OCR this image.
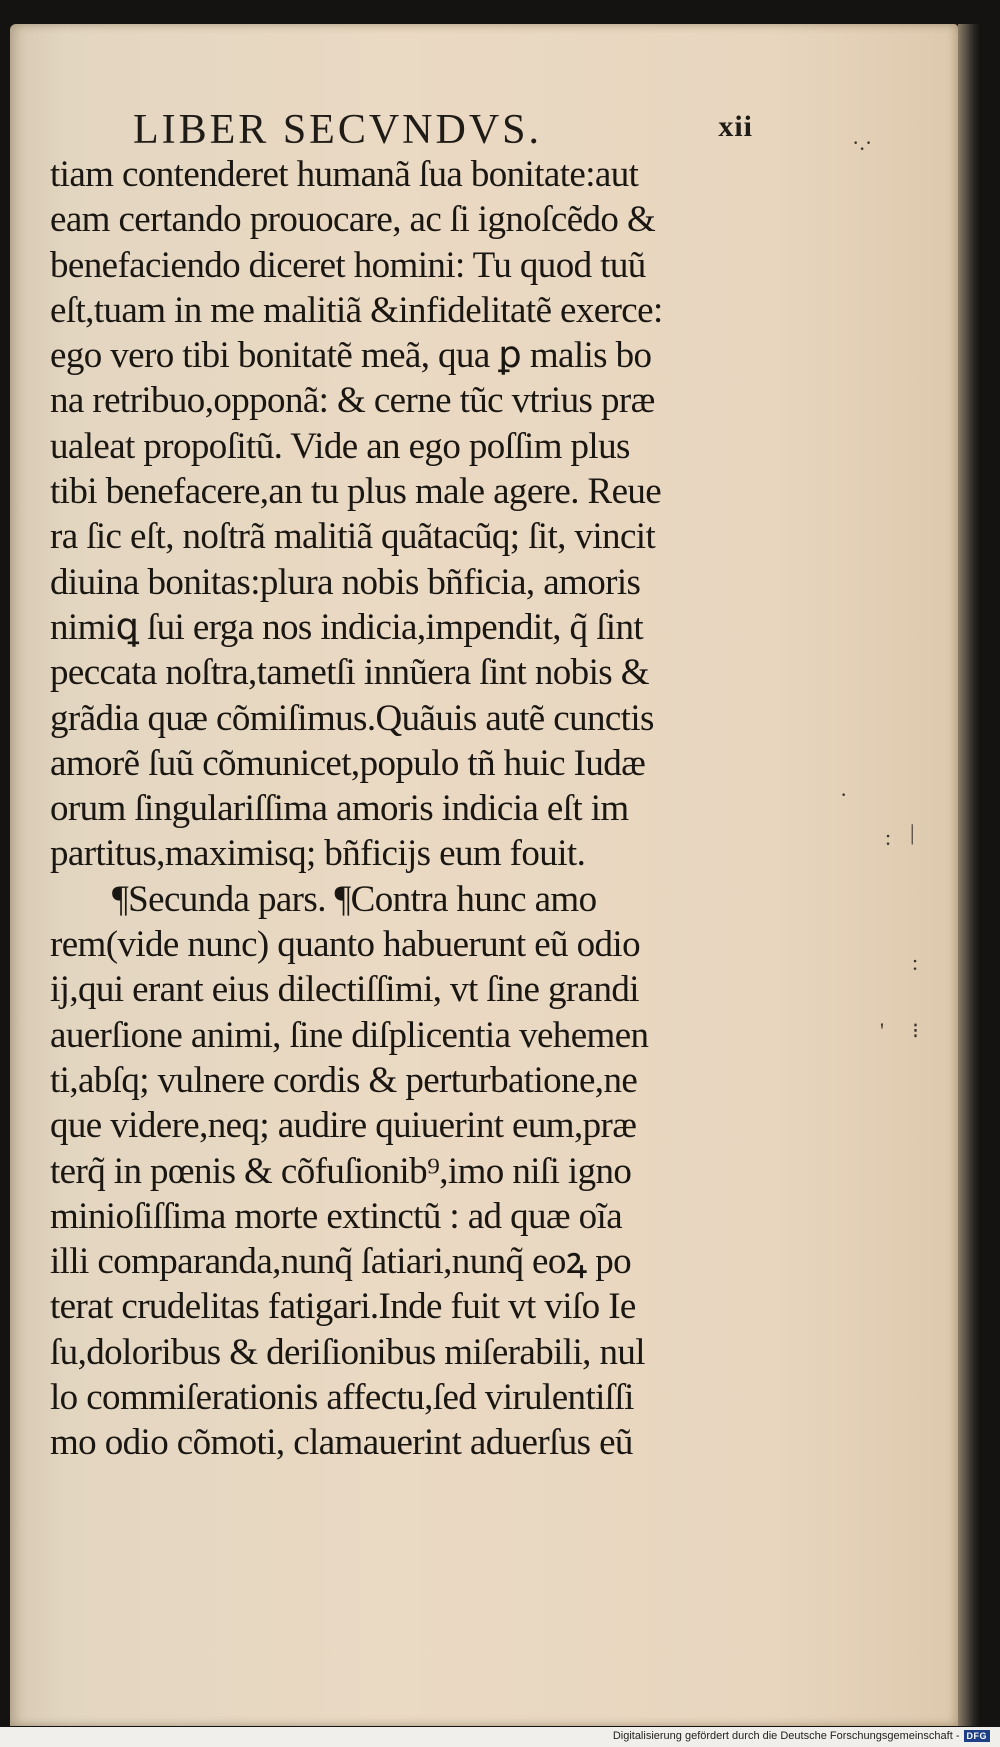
LIBER SECVNDVS.	xii
tiam contenderet humanã ſua bonitate:aut
eam certando prouocare, ac ſi ignoſcẽdo &
benefaciendo diceret homini: Tu quod tuũ
eſt,tuam in me malitiã &infidelitatẽ exerce:
ego vero tibi bonitatẽ meã, qua ꝑ malis bo
na retribuo,opponã: & cerne tũc vtrius præ
ualeat propoſitũ. Vide an ego poſſim plus
tibi benefacere,an tu plus male agere. Reue
ra ſic eſt, noſtrã malitiã quãtacũq; ſit, vincit
diuina bonitas:plura nobis bñficia, amoris
nimiꝗ ſui erga nos indicia,impendit, q̃ ſint
peccata noſtra,tametſi innũera ſint nobis &
grãdia quæ cõmiſimus.Quãuis autẽ cunctis
amorẽ ſuũ cõmunicet,populo tñ huic Iudæ
orum ſingulariſſima amoris indicia eſt im
partitus,maximisq; bñficijs eum fouit.
¶Secunda pars. ¶Contra hunc amo
rem(vide nunc) quanto habuerunt eũ odio
ij,qui erant eius dilectiſſimi, vt ſine grandi
auerſione animi, ſine diſplicentia vehemen
ti,abſq; vulnere cordis & perturbatione,ne
que videre,neq; audire quiuerint eum,præ
terq̃ in pœnis & cõfuſionib⁹,imo niſi igno
minioſiſſima morte extinctũ : ad quæ oĩa
illi comparanda,nunq̃ ſatiari,nunq̃ eoꝝ po
terat crudelitas fatigari.Inde fuit vt viſo Ie
ſu,doloribus & deriſionibus miſerabili, nul
lo commiſerationis affectu,ſed virulentiſſi
mo odio cõmoti, clamauerint aduerſus eũ
·.·
·
: |
:
' ⁝
Digitalisierung gefördert durch die Deutsche Forschungsgemeinschaft - DFG
